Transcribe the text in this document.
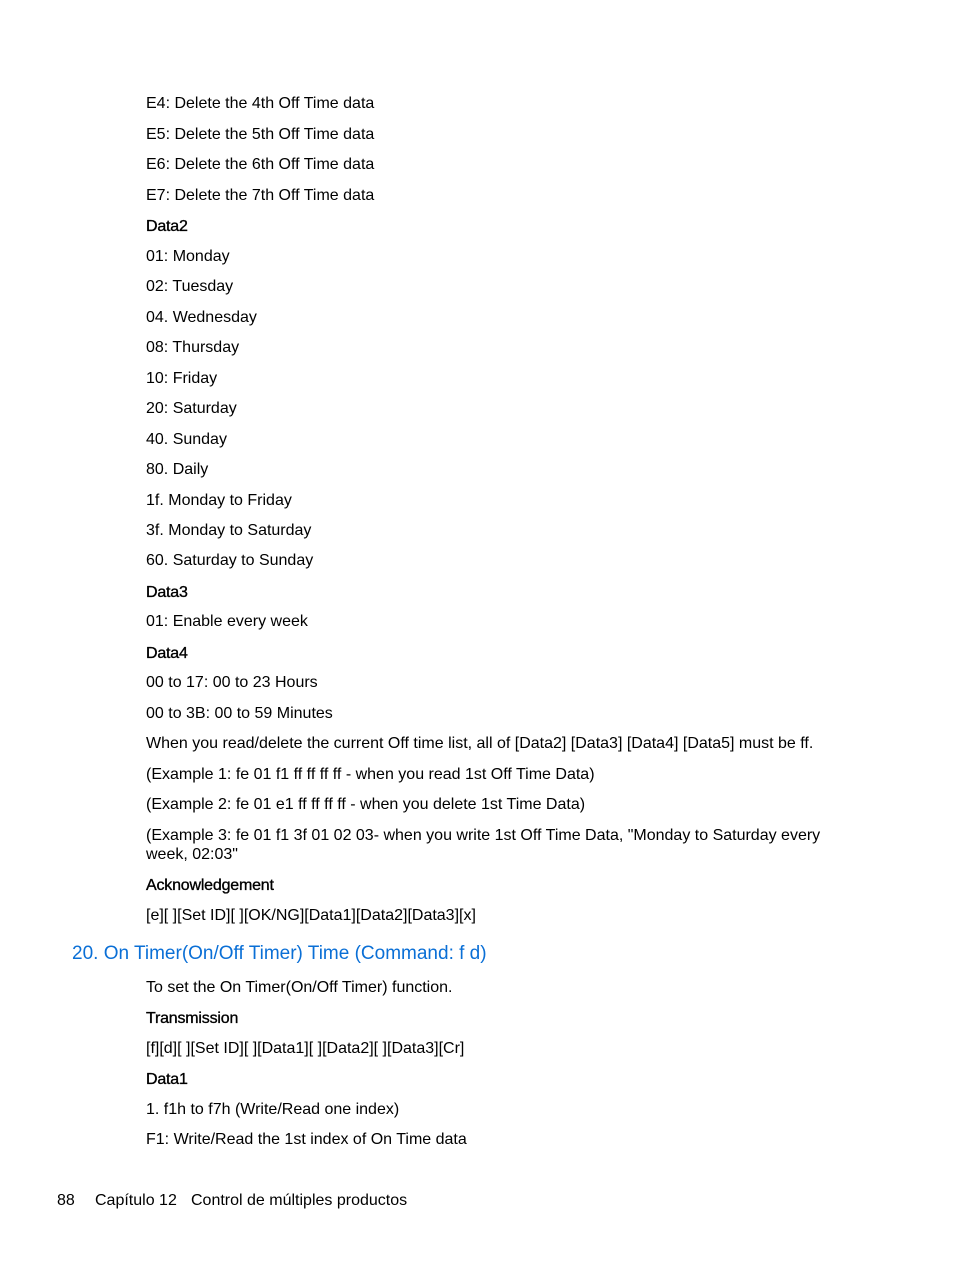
E4: Delete the 4th Off Time data
E5: Delete the 5th Off Time data
E6: Delete the 6th Off Time data
E7: Delete the 7th Off Time data
Data2
01: Monday
02: Tuesday
04. Wednesday
08: Thursday
10: Friday
20: Saturday
40. Sunday
80. Daily
1f. Monday to Friday
3f. Monday to Saturday
60. Saturday to Sunday
Data3
01: Enable every week
Data4
00 to 17: 00 to 23 Hours
00 to 3B: 00 to 59 Minutes
When you read/delete the current Off time list, all of [Data2] [Data3] [Data4] [Data5] must be ff.
(Example 1: fe 01 f1 ff ff ff ff - when you read 1st Off Time Data)
(Example 2: fe 01 e1 ff ff ff ff - when you delete 1st Time Data)
(Example 3: fe 01 f1 3f 01 02 03- when you write 1st Off Time Data, "Monday to Saturday every week, 02:03"
Acknowledgement
[e][ ][Set ID][ ][OK/NG][Data1][Data2][Data3][x]
20. On Timer(On/Off Timer) Time (Command: f d)
To set the On Timer(On/Off Timer) function.
Transmission
[f][d][ ][Set ID][ ][Data1][ ][Data2][ ][Data3][Cr]
Data1
1. f1h to f7h (Write/Read one index)
F1: Write/Read the 1st index of On Time data
88 Capítulo 12 Control de múltiples productos
